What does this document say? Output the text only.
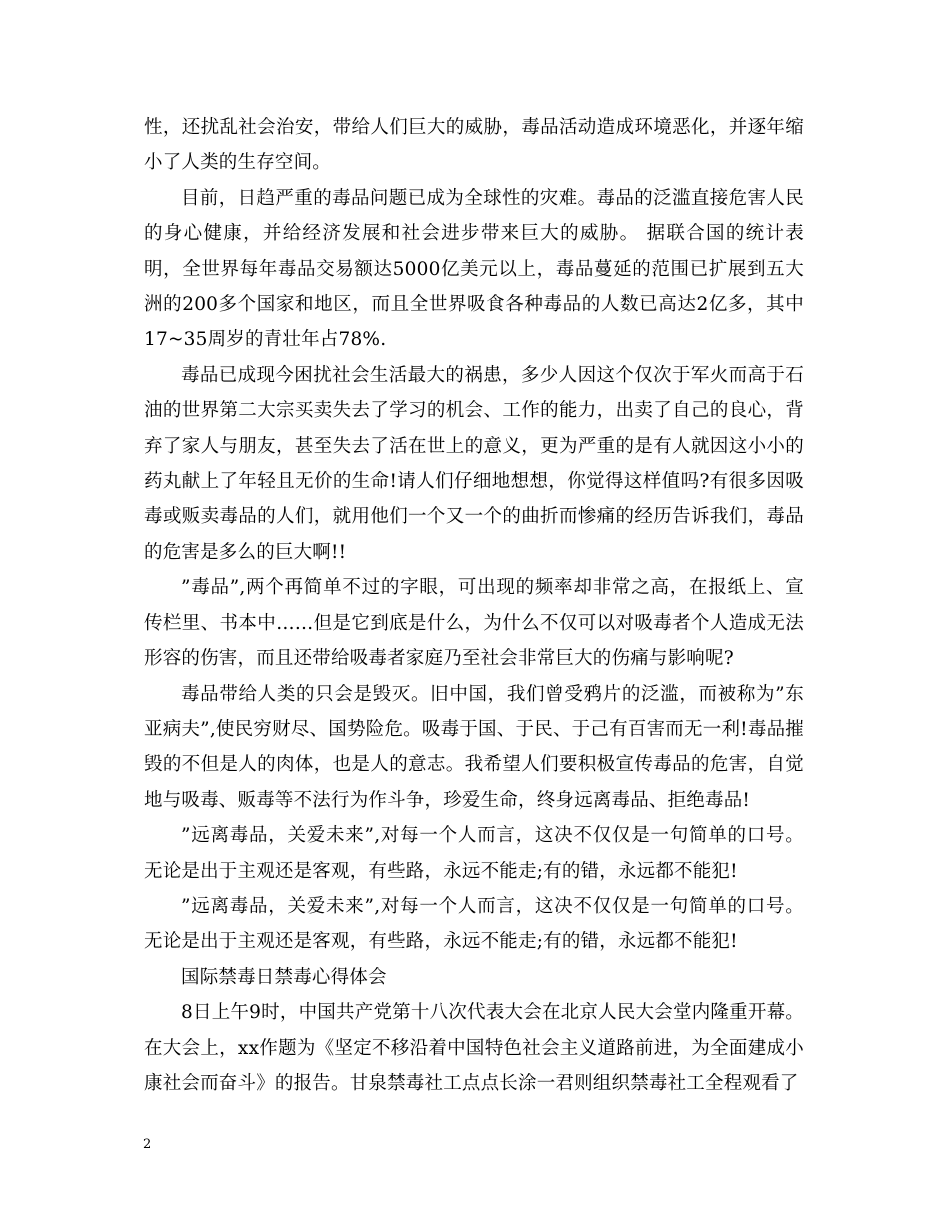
性，还扰乱社会治安，带给人们巨大的威胁，毒品活动造成环境恶化，并逐年缩小了人类的生存空间。

目前，日趋严重的毒品问题已成为全球性的灾难。毒品的泛滥直接危害人民的身心健康，并给经济发展和社会进步带来巨大的威胁。 据联合国的统计表明，全世界每年毒品交易额达5000亿美元以上，毒品蔓延的范围已扩展到五大洲的200多个国家和地区，而且全世界吸食各种毒品的人数已高达2亿多，其中17~35周岁的青壮年占78%.

毒品已成现今困扰社会生活最大的祸患，多少人因这个仅次于军火而高于石油的世界第二大宗买卖失去了学习的机会、工作的能力，出卖了自己的良心，背弃了家人与朋友，甚至失去了活在世上的意义，更为严重的是有人就因这小小的药丸献上了年轻且无价的生命!请人们仔细地想想，你觉得这样值吗?有很多因吸毒或贩卖毒品的人们，就用他们一个又一个的曲折而惨痛的经历告诉我们，毒品的危害是多么的巨大啊!!

”毒品”,两个再简单不过的字眼，可出现的频率却非常之高，在报纸上、宣传栏里、书本中……但是它到底是什么，为什么不仅可以对吸毒者个人造成无法形容的伤害，而且还带给吸毒者家庭乃至社会非常巨大的伤痛与影响呢?

毒品带给人类的只会是毁灭。旧中国，我们曾受鸦片的泛滥，而被称为”东亚病夫”,使民穷财尽、国势险危。吸毒于国、于民、于己有百害而无一利!毒品摧毁的不但是人的肉体，也是人的意志。我希望人们要积极宣传毒品的危害，自觉地与吸毒、贩毒等不法行为作斗争，珍爱生命，终身远离毒品、拒绝毒品!

”远离毒品，关爱未来”,对每一个人而言，这决不仅仅是一句简单的口号。无论是出于主观还是客观，有些路，永远不能走;有的错，永远都不能犯!

”远离毒品，关爱未来”,对每一个人而言，这决不仅仅是一句简单的口号。无论是出于主观还是客观，有些路，永远不能走;有的错，永远都不能犯!

国际禁毒日禁毒心得体会

8日上午9时，中国共产党第十八次代表大会在北京人民大会堂内隆重开幕。在大会上，xx作题为《坚定不移沿着中国特色社会主义道路前进，为全面建成小康社会而奋斗》的报告。甘泉禁毒社工点点长涂一君则组织禁毒社工全程观看了

2
